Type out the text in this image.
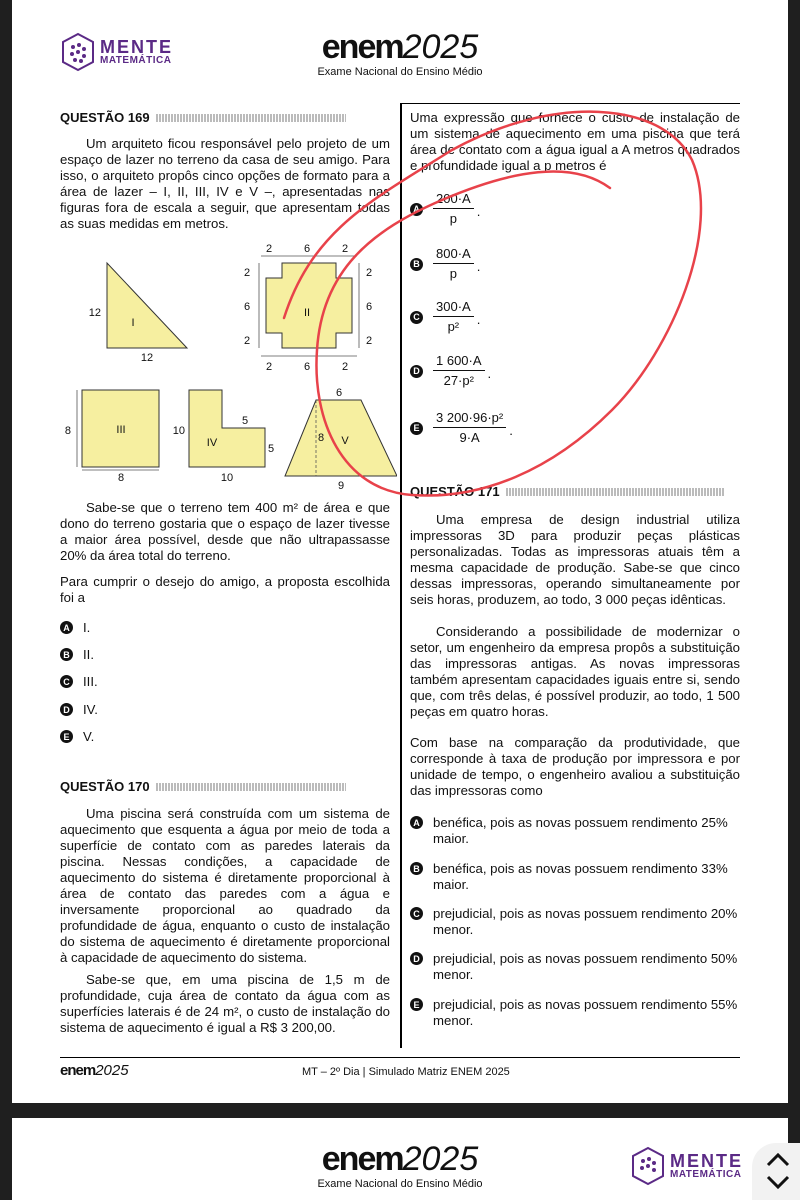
MENTE
MATEMÁTICA	enem2025
Exame Nacional do Ensino Médio
QUESTÃO 169
Um arquiteto ficou responsável pelo projeto de um espaço de lazer no terreno da casa de seu amigo. Para isso, o arquiteto propôs cinco opções de formato para a área de lazer – I, II, III, IV e V –, apresentadas nas figuras fora de escala a seguir, que apresentam todas as suas medidas em metros.
12
12
I
2	6	2
2
6
2
2
6
2
2	6	2
II
8
8
III	10
5
5
10
IV
6
8
9
V
Sabe-se que o terreno tem 400 m² de área e que dono do terreno gostaria que o espaço de lazer tivesse a maior área possível, desde que não ultrapassasse 20% da área total do terreno.
Para cumprir o desejo do amigo, a proposta escolhida foi a
A I.
B II.
C III.
D IV.
E V.
QUESTÃO 170
Uma piscina será construída com um sistema de aquecimento que esquenta a água por meio de toda a superfície de contato com as paredes laterais da piscina. Nessas condições, a capacidade de aquecimento do sistema é diretamente proporcional à área de contato das paredes com a água e inversamente proporcional ao quadrado da profundidade de água, enquanto o custo de instalação do sistema de aquecimento é diretamente proporcional à capacidade de aquecimento do sistema.
Sabe-se que, em uma piscina de 1,5 m de profundidade, cuja área de contato da água com as superfícies laterais é de 24 m², o custo de instalação do sistema de aquecimento é igual a R$ 3 200,00.
Uma expressão que fornece o custo de instalação de um sistema de aquecimento em uma piscina que terá área de contato com a água igual a A metros quadrados e profundidade igual a p metros é
A $\frac{200\cdot A}{p}$ .
B $\frac{800\cdot A}{p}$ .
C $\frac{300\cdot A}{\text{p²}}$ .
D $\frac{1 600\cdot A}{\text{27·p²}}$ .
E $\frac{\text{3 200·96·p²}}{9\cdot A}$ .
QUESTÃO 171
Uma empresa de design industrial utiliza impressoras 3D para produzir peças plásticas personalizadas. Todas as impressoras atuais têm a mesma capacidade de produção. Sabe-se que cinco dessas impressoras, operando simultaneamente por seis horas, produzem, ao todo, 3 000 peças idênticas.
Considerando a possibilidade de modernizar o setor, um engenheiro da empresa propôs a substituição das impressoras antigas. As novas impressoras também apresentam capacidades iguais entre si, sendo que, com três delas, é possível produzir, ao todo, 1 500 peças em quatro horas.
Com base na comparação da produtividade, que corresponde à taxa de produção por impressora e por unidade de tempo, o engenheiro avaliou a substituição das impressoras como
A benéfica, pois as novas possuem rendimento 25% maior.
B benéfica, pois as novas possuem rendimento 33% maior.
C prejudicial, pois as novas possuem rendimento 20% menor.
D prejudicial, pois as novas possuem rendimento 50% menor.
E prejudicial, pois as novas possuem rendimento 55% menor.
enem2025	MT – 2º Dia | Simulado Matriz ENEM 2025
enem2025
Exame Nacional do Ensino Médio
MENTE
MATEMÁTICA
